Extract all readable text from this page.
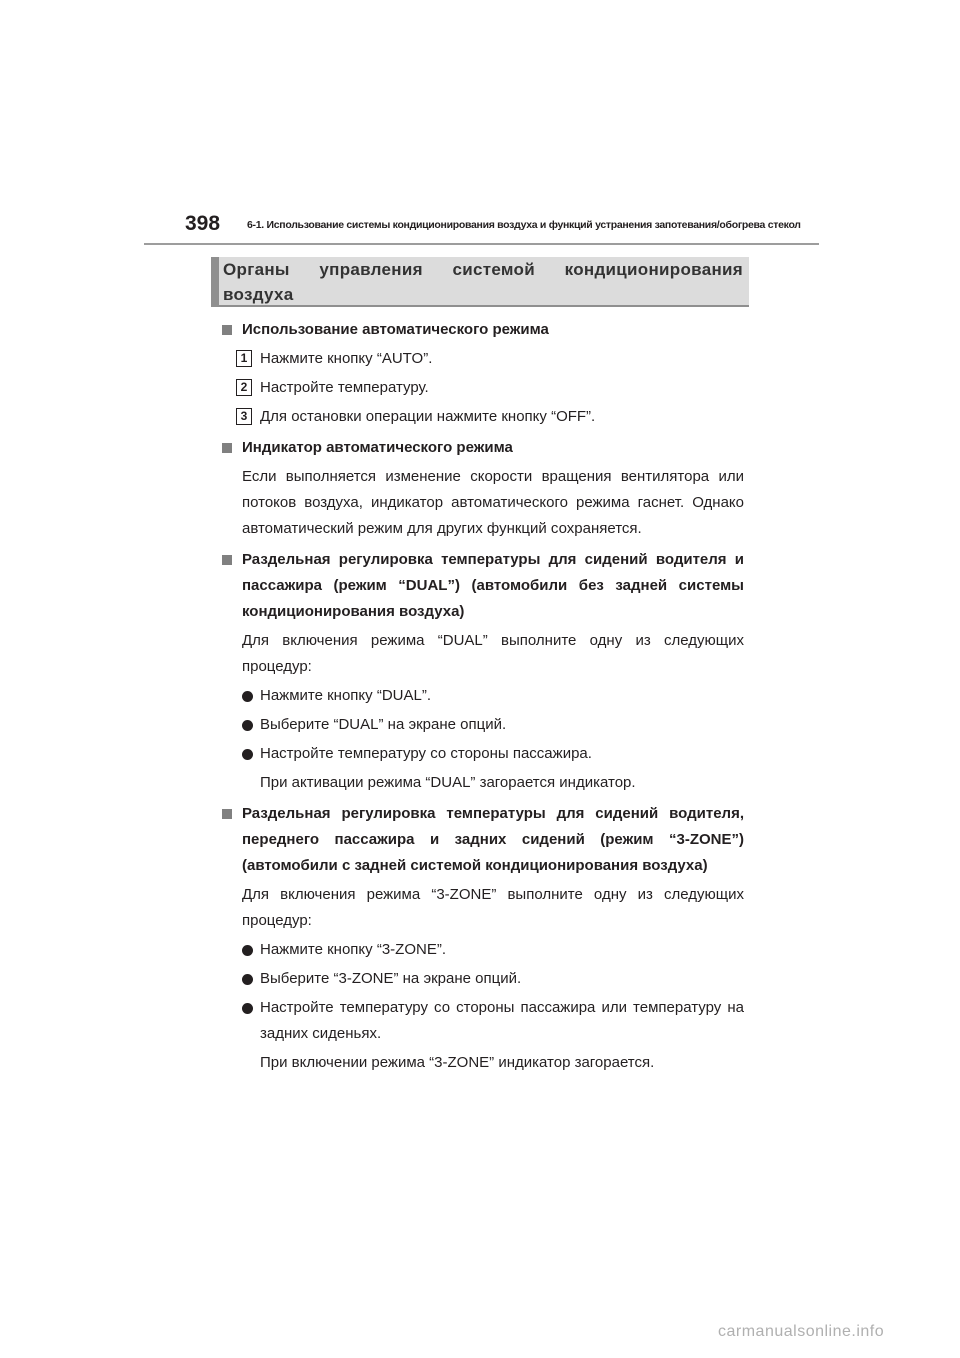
398	6-1. Использование системы кондиционирования воздуха и функций устранения запотевания/обогрева стекол
Органы управления системой кондиционирования воздуха
Использование автоматического режима
1 Нажмите кнопку “AUTO”.
2 Настройте температуру.
3 Для остановки операции нажмите кнопку “OFF”.
Индикатор автоматического режима
Если выполняется изменение скорости вращения вентилятора или потоков воздуха, индикатор автоматического режима гаснет. Однако автоматический режим для других функций сохраняется.
Раздельная регулировка температуры для сидений водителя и пассажира (режим “DUAL”) (автомобили без задней системы кондиционирования воздуха)
Для включения режима “DUAL” выполните одну из следующих процедур:
Нажмите кнопку “DUAL”.
Выберите “DUAL” на экране опций.
Настройте температуру со стороны пассажира.
При активации режима “DUAL” загорается индикатор.
Раздельная регулировка температуры для сидений водителя, переднего пассажира и задних сидений (режим “3-ZONE”) (автомобили с задней системой кондиционирования воздуха)
Для включения режима “3-ZONE” выполните одну из следующих процедур:
Нажмите кнопку “3-ZONE”.
Выберите “3-ZONE” на экране опций.
Настройте температуру со стороны пассажира или температуру на задних сиденьях.
При включении режима “3-ZONE” индикатор загорается.
carmanualsonline.info
